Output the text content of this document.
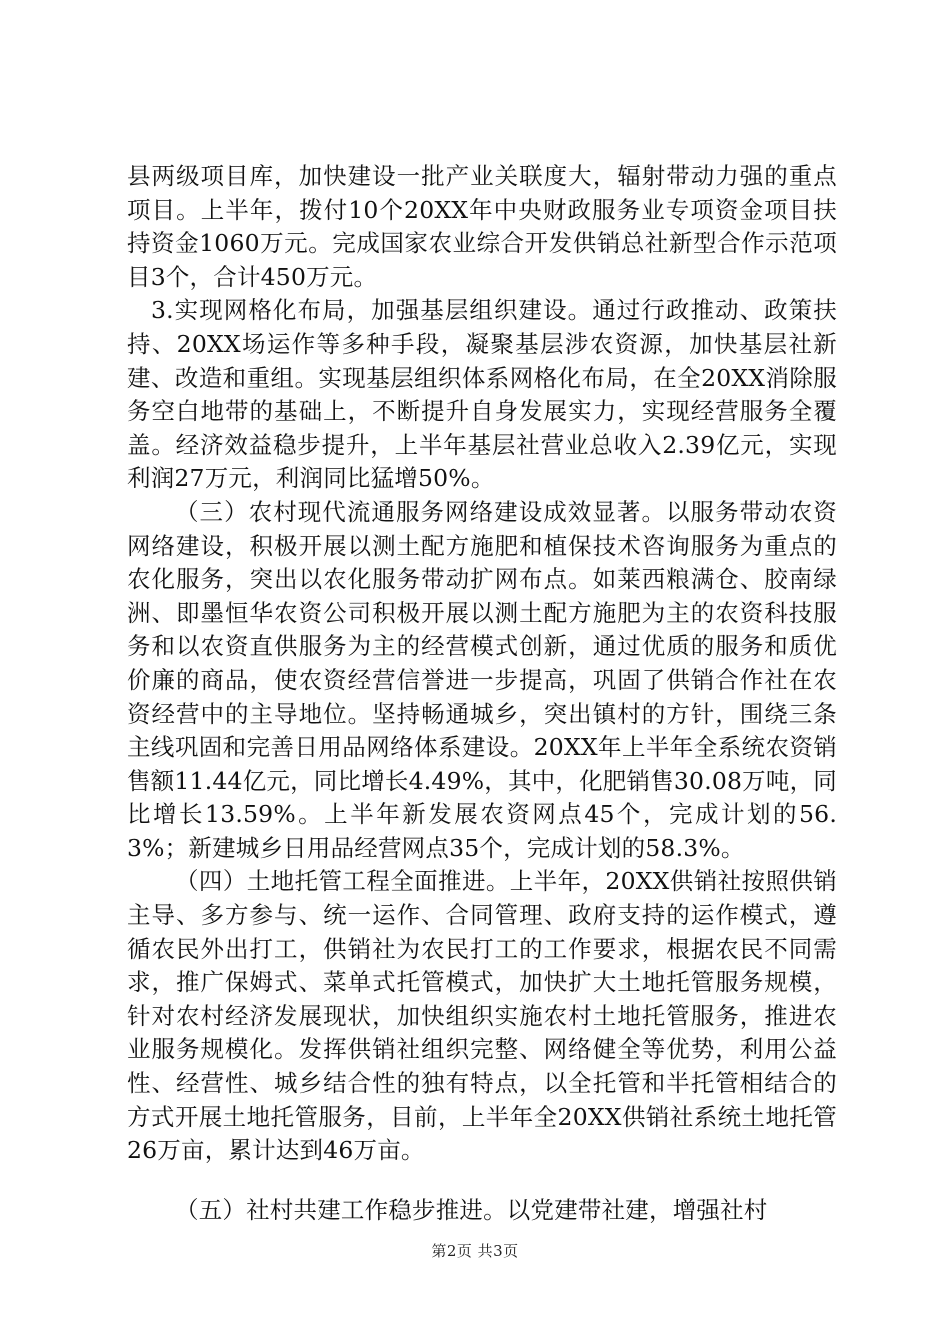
县两级项目库，加快建设一批产业关联度大，辐射带动力强的重点项目。上半年，拨付10个20XX年中央财政服务业专项资金项目扶持资金1060万元。完成国家农业综合开发供销总社新型合作示范项目3个，合计450万元。

3.实现网格化布局，加强基层组织建设。通过行政推动、政策扶持、20XX场运作等多种手段，凝聚基层涉农资源，加快基层社新建、改造和重组。实现基层组织体系网格化布局，在全20XX消除服务空白地带的基础上，不断提升自身发展实力，实现经营服务全覆盖。经济效益稳步提升，上半年基层社营业总收入2.39亿元，实现利润27万元，利润同比猛增50%。

（三）农村现代流通服务网络建设成效显著。以服务带动农资网络建设，积极开展以测土配方施肥和植保技术咨询服务为重点的农化服务，突出以农化服务带动扩网布点。如莱西粮满仓、胶南绿洲、即墨恒华农资公司积极开展以测土配方施肥为主的农资科技服务和以农资直供服务为主的经营模式创新，通过优质的服务和质优价廉的商品，使农资经营信誉进一步提高，巩固了供销合作社在农资经营中的主导地位。坚持畅通城乡，突出镇村的方针，围绕三条主线巩固和完善日用品网络体系建设。20XX年上半年全系统农资销售额11.44亿元，同比增长4.49%，其中，化肥销售30.08万吨，同比增长13.59%。上半年新发展农资网点45个，完成计划的56.3%；新建城乡日用品经营网点35个，完成计划的58.3%。

（四）土地托管工程全面推进。上半年，20XX供销社按照供销主导、多方参与、统一运作、合同管理、政府支持的运作模式，遵循农民外出打工，供销社为农民打工的工作要求，根据农民不同需求，推广保姆式、菜单式托管模式，加快扩大土地托管服务规模，针对农村经济发展现状，加快组织实施农村土地托管服务，推进农业服务规模化。发挥供销社组织完整、网络健全等优势，利用公益性、经营性、城乡结合性的独有特点，以全托管和半托管相结合的方式开展土地托管服务，目前，上半年全20XX供销社系统土地托管26万亩，累计达到46万亩。

（五）社村共建工作稳步推进。以党建带社建，增强社村

第2页 共3页
